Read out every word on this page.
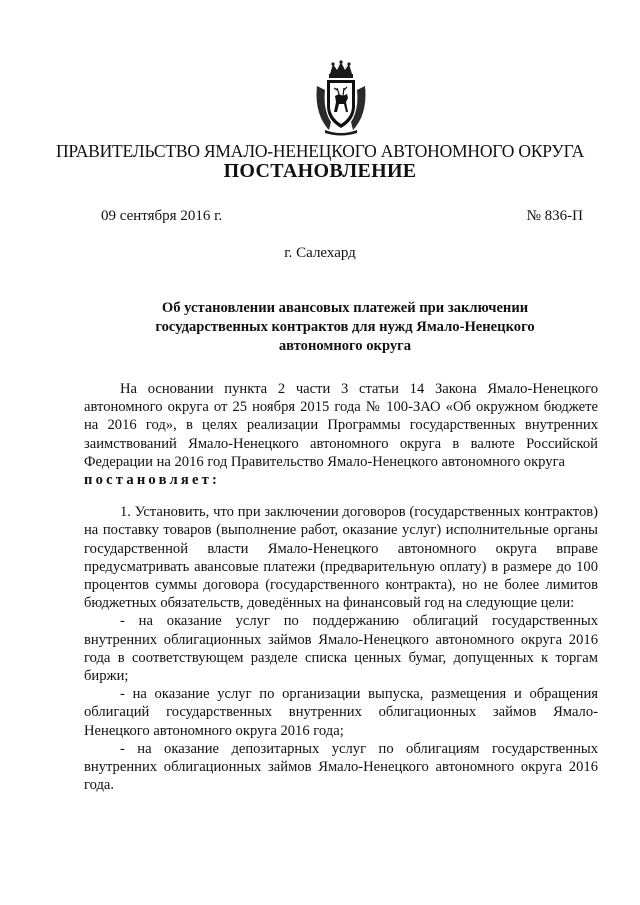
ПРАВИТЕЛЬСТВО ЯМАЛО-НЕНЕЦКОГО АВТОНОМНОГО ОКРУГА
ПОСТАНОВЛЕНИЕ
09 сентября 2016 г.	№ 836-П
г. Салехард
Об установлении авансовых платежей при заключении государственных контрактов для нужд Ямало-Ненецкого автономного округа

На основании пункта 2 части 3 статьи 14 Закона Ямало-Ненецкого автономного округа от 25 ноября 2015 года № 100-ЗАО «Об окружном бюджете на 2016 год», в целях реализации Программы государственных внутренних заимствований Ямало-Ненецкого автономного округа в валюте Российской Федерации на 2016 год Правительство Ямало-Ненецкого автономного округа
постановляет:

1. Установить, что при заключении договоров (государственных контрактов) на поставку товаров (выполнение работ, оказание услуг) исполнительные органы государственной власти Ямало-Ненецкого автономного округа вправе предусматривать авансовые платежи (предварительную оплату) в размере до 100 процентов суммы договора (государственного контракта), но не более лимитов бюджетных обязательств, доведённых на финансовый год на следующие цели:

- на оказание услуг по поддержанию облигаций государственных внутренних облигационных займов Ямало-Ненецкого автономного округа 2016 года в соответствующем разделе списка ценных бумаг, допущенных к торгам биржи;

- на оказание услуг по организации выпуска, размещения и обращения облигаций государственных внутренних облигационных займов Ямало-Ненецкого автономного округа 2016 года;

- на оказание депозитарных услуг по облигациям государственных внутренних облигационных займов Ямало-Ненецкого автономного округа 2016 года.
